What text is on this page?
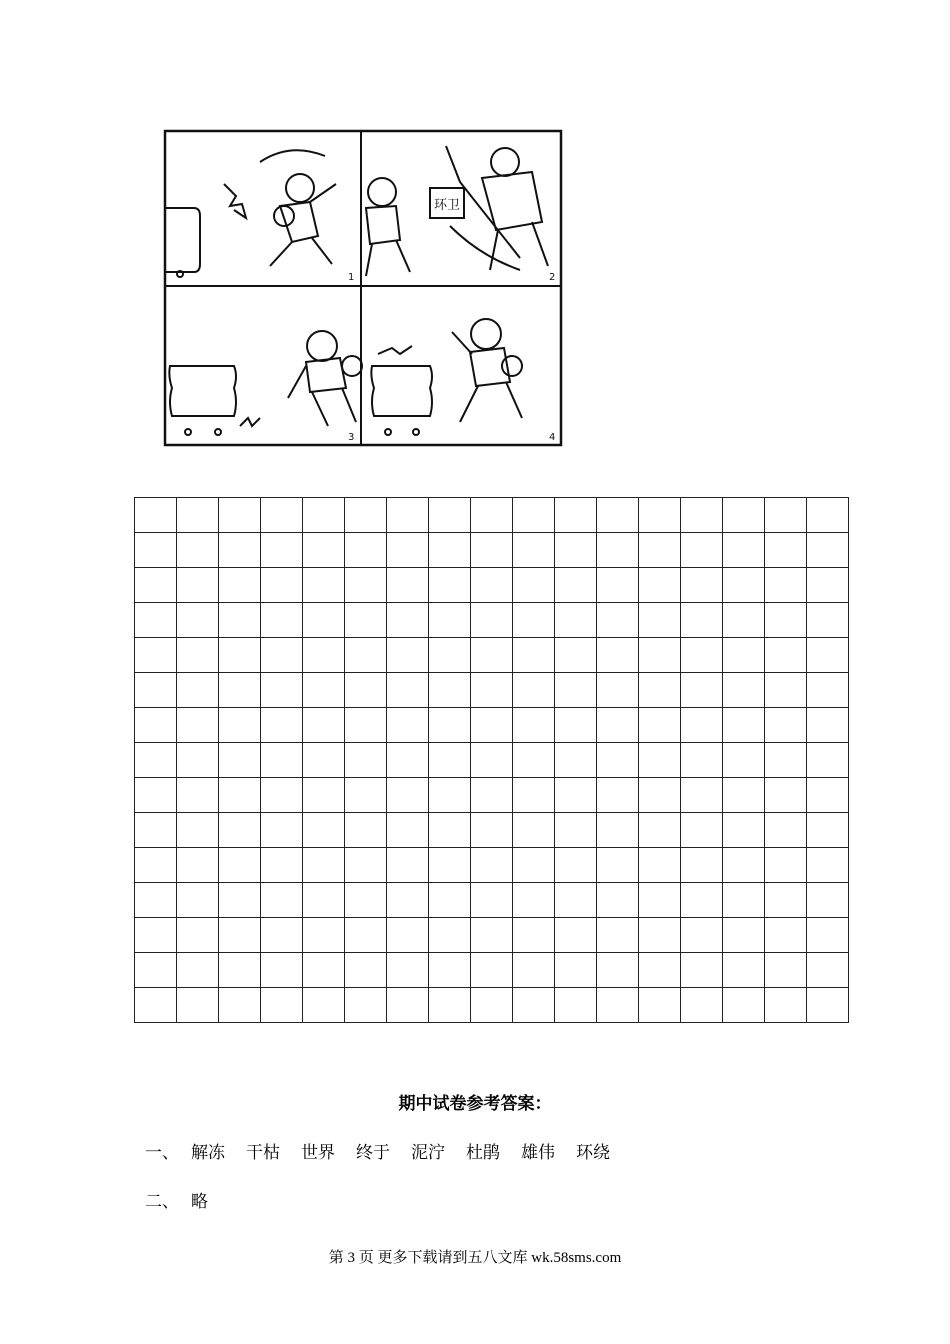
1	2
3	4
环卫

期中试卷参考答案：
一、 解冻 干枯 世界 终于 泥泞 杜鹃 雄伟 环绕
二、 略
第 3 页 更多下载请到五八文库 wk.58sms.com
